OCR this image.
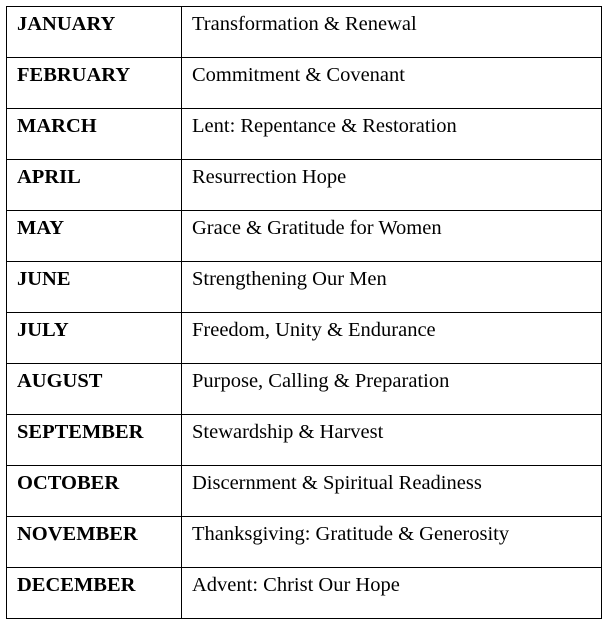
JANUARY	Transformation & Renewal
FEBRUARY	Commitment & Covenant
MARCH	Lent: Repentance & Restoration
APRIL	Resurrection Hope
MAY	Grace & Gratitude for Women
JUNE	Strengthening Our Men
JULY	Freedom, Unity & Endurance
AUGUST	Purpose, Calling & Preparation
SEPTEMBER	Stewardship & Harvest
OCTOBER	Discernment & Spiritual Readiness
NOVEMBER	Thanksgiving: Gratitude & Generosity
DECEMBER	Advent: Christ Our Hope
